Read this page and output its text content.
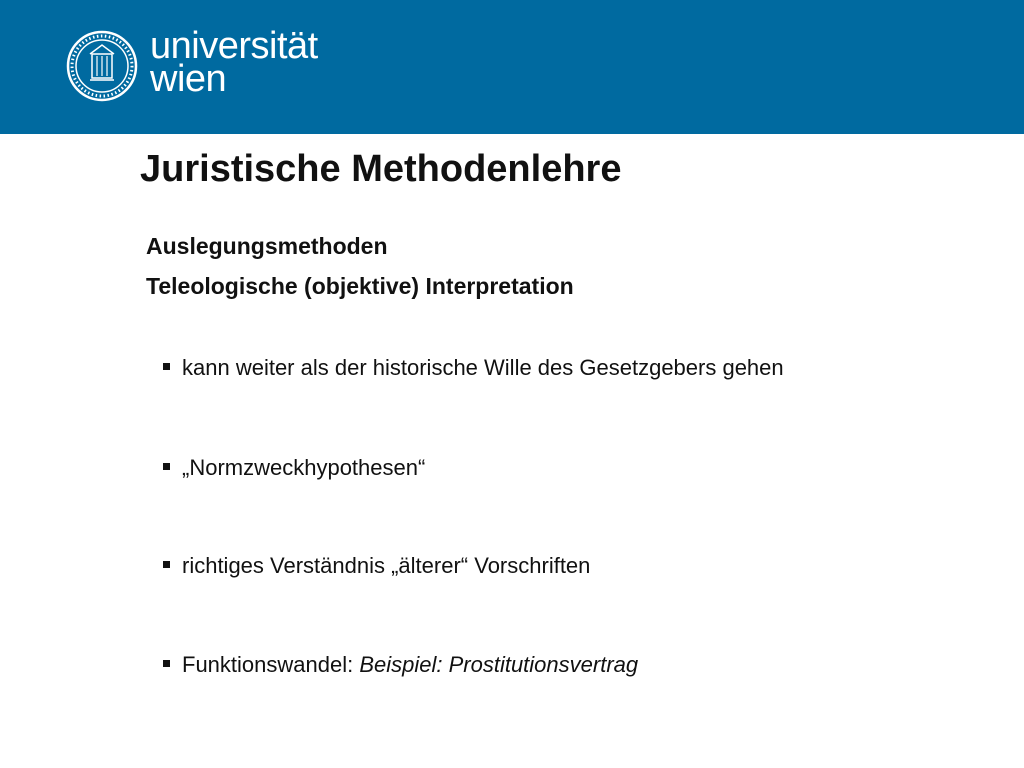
universität
wien
Juristische Methodenlehre
Auslegungsmethoden
Teleologische (objektive) Interpretation
kann weiter als der historische Wille des Gesetzgebers gehen
„Normzweckhypothesen“
richtiges Verständnis „älterer“ Vorschriften
Funktionswandel: Beispiel: Prostitutionsvertrag
